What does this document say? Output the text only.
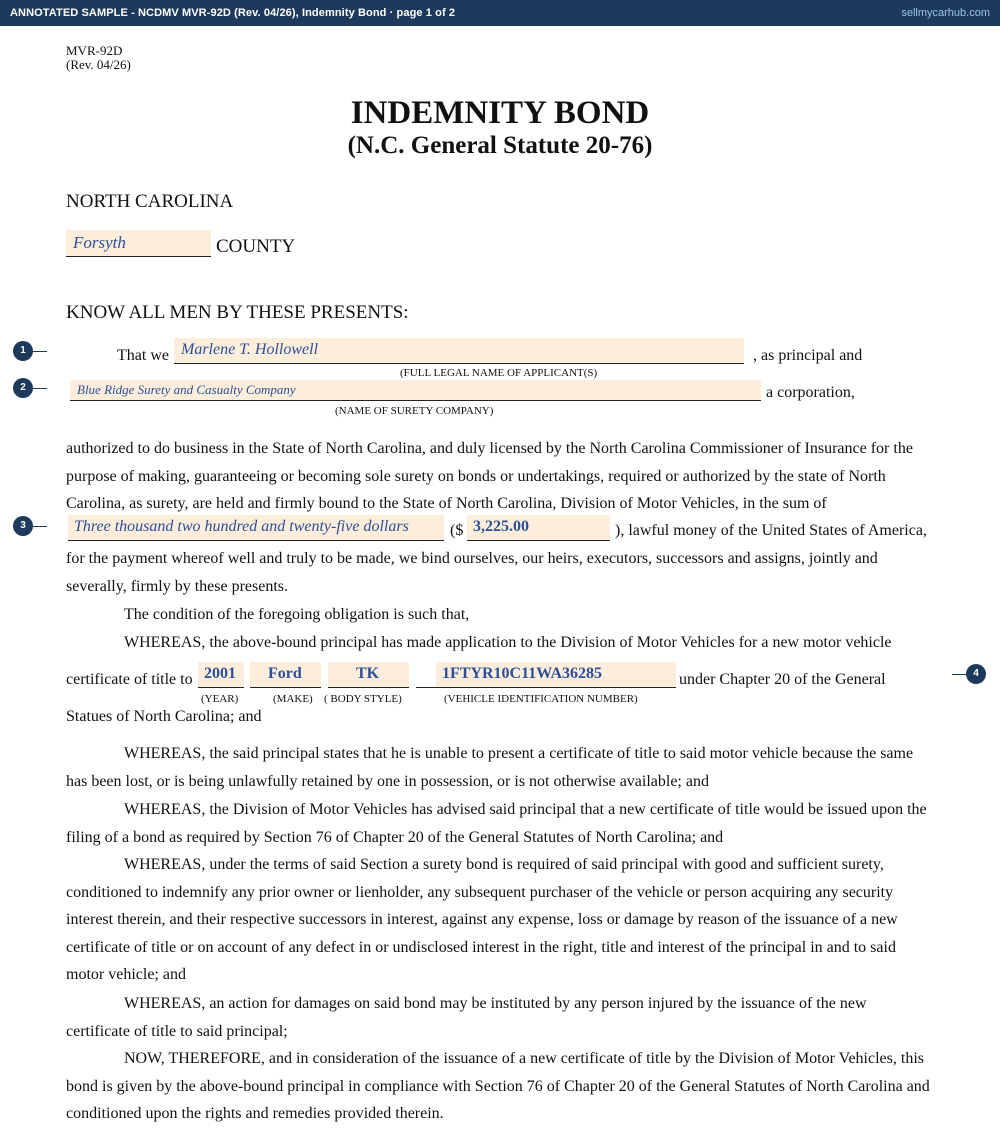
ANNOTATED SAMPLE - NCDMV MVR-92D (Rev. 04/26), Indemnity Bond · page 1 of 2	sellmycarhub.com
MVR-92D
(Rev. 04/26)
INDEMNITY BOND
(N.C. General Statute 20-76)
NORTH CAROLINA
Forsyth	COUNTY
KNOW ALL MEN BY THESE PRESENTS:
1	That we Marlene T. Hollowell	, as principal and
(FULL LEGAL NAME OF APPLICANT(S)
2	Blue Ridge Surety and Casualty Company	a corporation,
(NAME OF SURETY COMPANY)
authorized to do business in the State of North Carolina, and duly licensed by the North Carolina Commissioner of Insurance for the
purpose of making, guaranteeing or becoming sole surety on bonds or undertakings, required or authorized by the state of North
Carolina, as surety, are held and firmly bound to the State of North Carolina, Division of Motor Vehicles, in the sum of
3	Three thousand two hundred and twenty-five dollars	($ 3,225.00	), lawful money of the United States of America,
for the payment whereof well and truly to be made, we bind ourselves, our heirs, executors, successors and assigns, jointly and
severally, firmly by these presents.
The condition of the foregoing obligation is such that,
WHEREAS, the above-bound principal has made application to the Division of Motor Vehicles for a new motor vehicle
certificate of title to 2001 Ford	TK	1FTYR10C11WA36285	under Chapter 20 of the General	4
(YEAR)	(MAKE) ( BODY STYLE)	(VEHICLE IDENTIFICATION NUMBER)
Statues of North Carolina; and
WHEREAS, the said principal states that he is unable to present a certificate of title to said motor vehicle because the same
has been lost, or is being unlawfully retained by one in possession, or is not otherwise available; and
WHEREAS, the Division of Motor Vehicles has advised said principal that a new certificate of title would be issued upon the
filing of a bond as required by Section 76 of Chapter 20 of the General Statutes of North Carolina; and
WHEREAS, under the terms of said Section a surety bond is required of said principal with good and sufficient surety,
conditioned to indemnify any prior owner or lienholder, any subsequent purchaser of the vehicle or person acquiring any security
interest therein, and their respective successors in interest, against any expense, loss or damage by reason of the issuance of a new
certificate of title or on account of any defect in or undisclosed interest in the right, title and interest of the principal in and to said
motor vehicle; and
WHEREAS, an action for damages on said bond may be instituted by any person injured by the issuance of the new
certificate of title to said principal;
NOW, THEREFORE, and in consideration of the issuance of a new certificate of title by the Division of Motor Vehicles, this
bond is given by the above-bound principal in compliance with Section 76 of Chapter 20 of the General Statutes of North Carolina and
conditioned upon the rights and remedies provided therein.
